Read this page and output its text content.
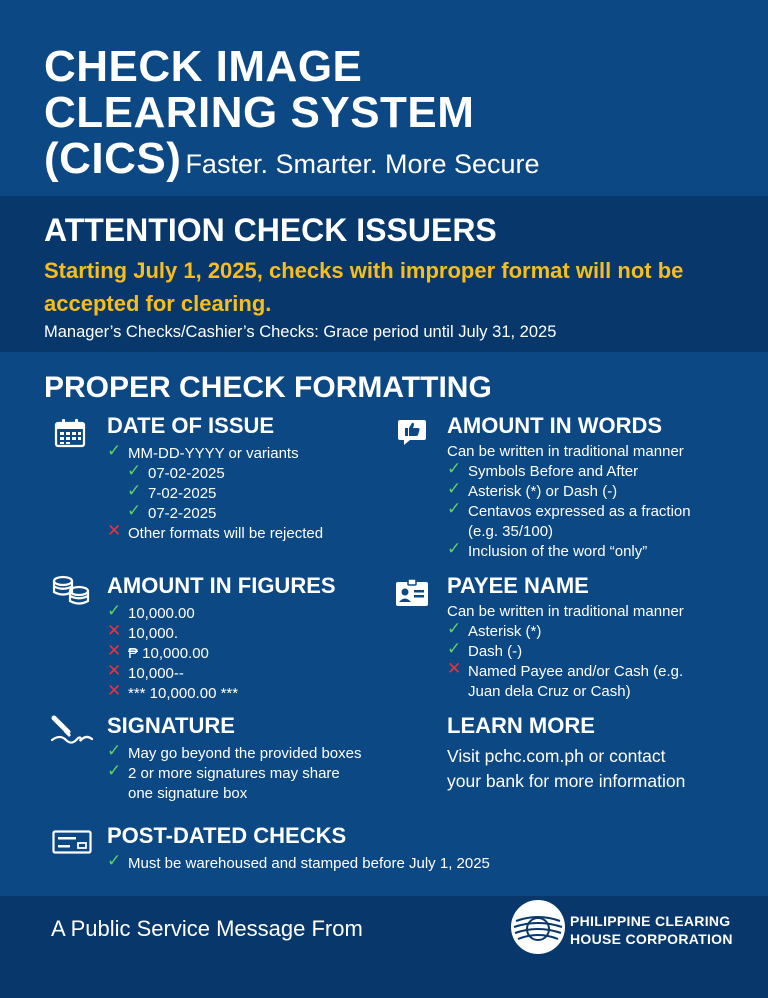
CHECK IMAGE
CLEARING SYSTEM
(CICS) Faster. Smarter. More Secure
ATTENTION CHECK ISSUERS
Starting July 1, 2025, checks with improper format will not be accepted for clearing.
Manager’s Checks/Cashier’s Checks: Grace period until July 31, 2025
PROPER CHECK FORMATTING
DATE OF ISSUE
✓ MM-DD-YYYY or variants
✓ 07-02-2025
✓ 7-02-2025
✓ 07-2-2025
✕ Other formats will be rejected
AMOUNT IN WORDS
Can be written in traditional manner
✓ Symbols Before and After
✓ Asterisk (*) or Dash (-)
✓ Centavos expressed as a fraction
(e.g. 35/100)
✓ Inclusion of the word “only”
AMOUNT IN FIGURES
✓ 10,000.00
✕ 10,000.
✕ ₱ 10,000.00
✕ 10,000--
✕ *** 10,000.00 ***
PAYEE NAME
Can be written in traditional manner
✓ Asterisk (*)
✓ Dash (-)
✕ Named Payee and/or Cash (e.g.
Juan dela Cruz or Cash)
SIGNATURE
✓ May go beyond the provided boxes
✓ 2 or more signatures may share
one signature box
LEARN MORE
Visit pchc.com.ph or contact
your bank for more information
POST-DATED CHECKS
✓ Must be warehoused and stamped before July 1, 2025
A Public Service Message From	PHILIPPINE CLEARING
HOUSE CORPORATION
